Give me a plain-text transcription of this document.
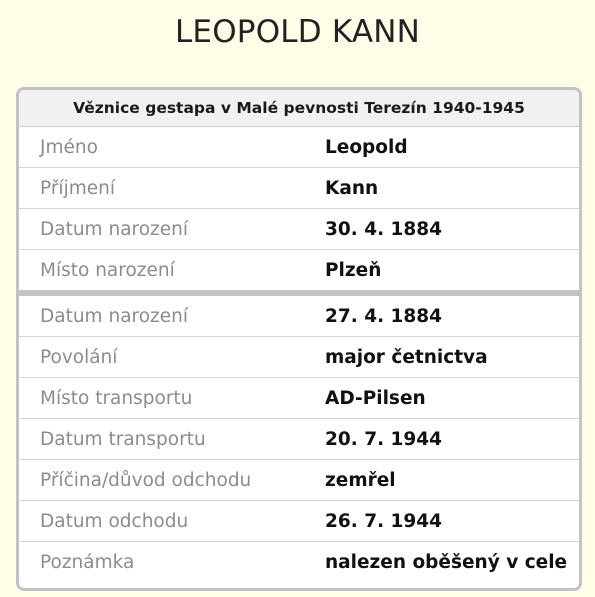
LEOPOLD KANN
Věznice gestapa v Malé pevnosti Terezín 1940-1945
Jméno	Leopold
Příjmení	Kann
Datum narození	30. 4. 1884
Místo narození	Plzeň
Datum narození	27. 4. 1884
Povolání	major četnictva
Místo transportu	AD-Pilsen
Datum transportu	20. 7. 1944
Příčina/důvod odchodu	zemřel
Datum odchodu	26. 7. 1944
Poznámka	nalezen oběšený v cele
